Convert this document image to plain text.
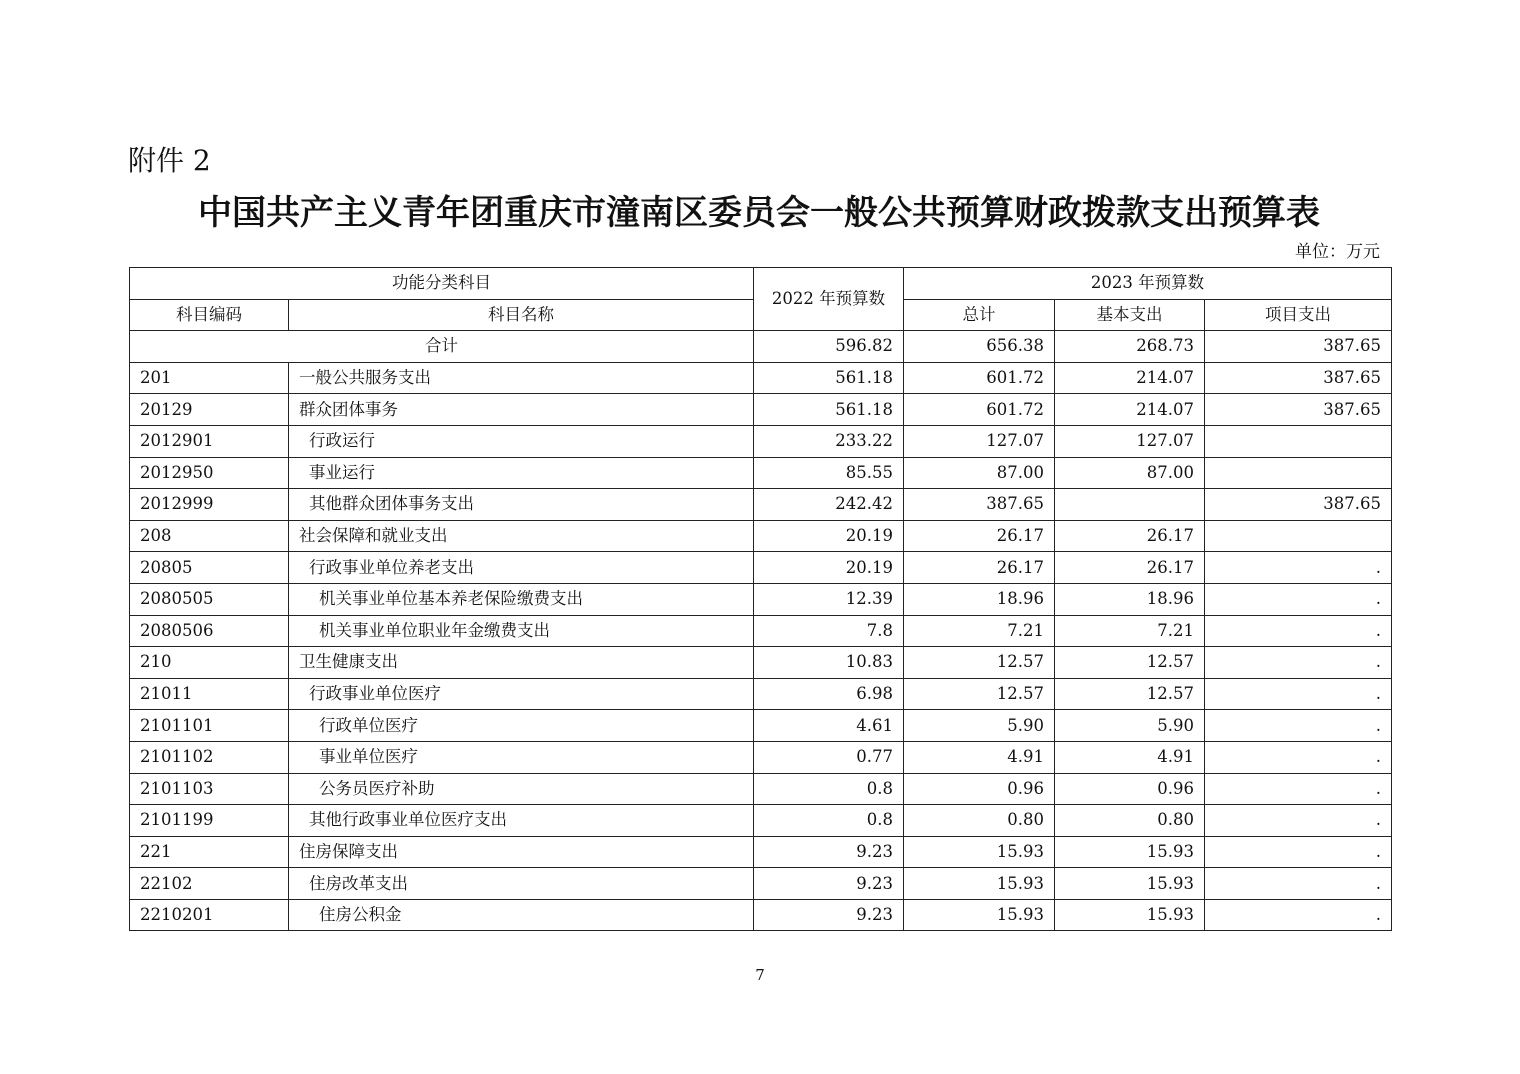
附件 2
中国共产主义青年团重庆市潼南区委员会一般公共预算财政拨款支出预算表
单位：万元
功能分类科目		2022 年预算数	2023 年预算数		
科目编码	科目名称		总计	基本支出	项目支出
合计		596.82	656.38	268.73	387.65
201	一般公共服务支出	561.18	601.72	214.07	387.65
20129	群众团体事务	561.18	601.72	214.07	387.65
2012901	行政运行	233.22	127.07	127.07	
2012950	事业运行	85.55	87.00	87.00	
2012999	其他群众团体事务支出	242.42	387.65		387.65
208	社会保障和就业支出	20.19	26.17	26.17	
20805	行政事业单位养老支出	20.19	26.17	26.17	.
2080505	机关事业单位基本养老保险缴费支出	12.39	18.96	18.96	.
2080506	机关事业单位职业年金缴费支出	7.8	7.21	7.21	.
210	卫生健康支出	10.83	12.57	12.57	.
21011	行政事业单位医疗	6.98	12.57	12.57	.
2101101	行政单位医疗	4.61	5.90	5.90	.
2101102	事业单位医疗	0.77	4.91	4.91	.
2101103	公务员医疗补助	0.8	0.96	0.96	.
2101199	其他行政事业单位医疗支出	0.8	0.80	0.80	.
221	住房保障支出	9.23	15.93	15.93	.
22102	住房改革支出	9.23	15.93	15.93	.
2210201	住房公积金	9.23	15.93	15.93	.
7
